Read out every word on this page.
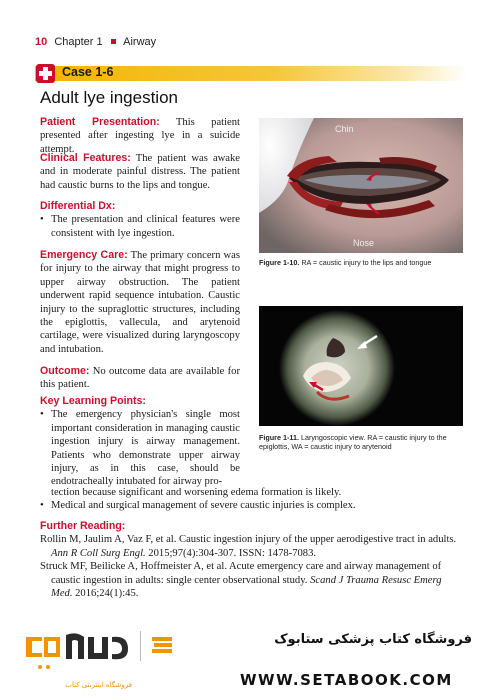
10 Chapter 1 Airway
Case 1-6
Adult lye ingestion

Patient Presentation: This patient presented after ingesting lye in a suicide attempt.

Clinical Features: The patient was awake and in moderate painful distress. The patient had caustic burns to the lips and tongue.

Differential Dx:
• The presentation and clinical features were consistent with lye ingestion.

Emergency Care: The primary concern was for injury to the airway that might progress to upper airway obstruction. The patient underwent rapid sequence intubation. Caustic injury to the supraglottic structures, including the epiglottis, vallecula, and arytenoid cartilage, were visualized during laryngoscopy and intubation.

Outcome: No outcome data are available for this patient.

Key Learning Points:
• The emergency physician's single most important consideration in managing caustic ingestion injury is airway management. Patients who demonstrate upper airway injury, as in this case, should be endotracheally intubated for airway pro-

tection because significant and worsening edema formation is likely.

• Medical and surgical management of severe caustic injuries is complex.
Further Reading:

Rollin M, Jaulim A, Vaz F, et al. Caustic ingestion injury of the upper aerodigestive tract in adults. Ann R Coll Surg Engl. 2015;97(4):304-307. ISSN: 1478-7083.

Struck MF, Beilicke A, Hoffmeister A, et al. Acute emergency care and airway management of caustic ingestion in adults: single center observational study. Scand J Trauma Resusc Emerg Med. 2016;24(1):45.

Chin
Nose
Figure 1-10. RA = caustic injury to the lips and tongue
Figure 1-11. Laryngoscopic view. RA = caustic injury to the epiglottis, WA = caustic injury to arytenoid
فروشگاه کتاب پزشکی ستابوک
WWW.SETABOOK.COM
فروشگاه اینترنتی کتاب
